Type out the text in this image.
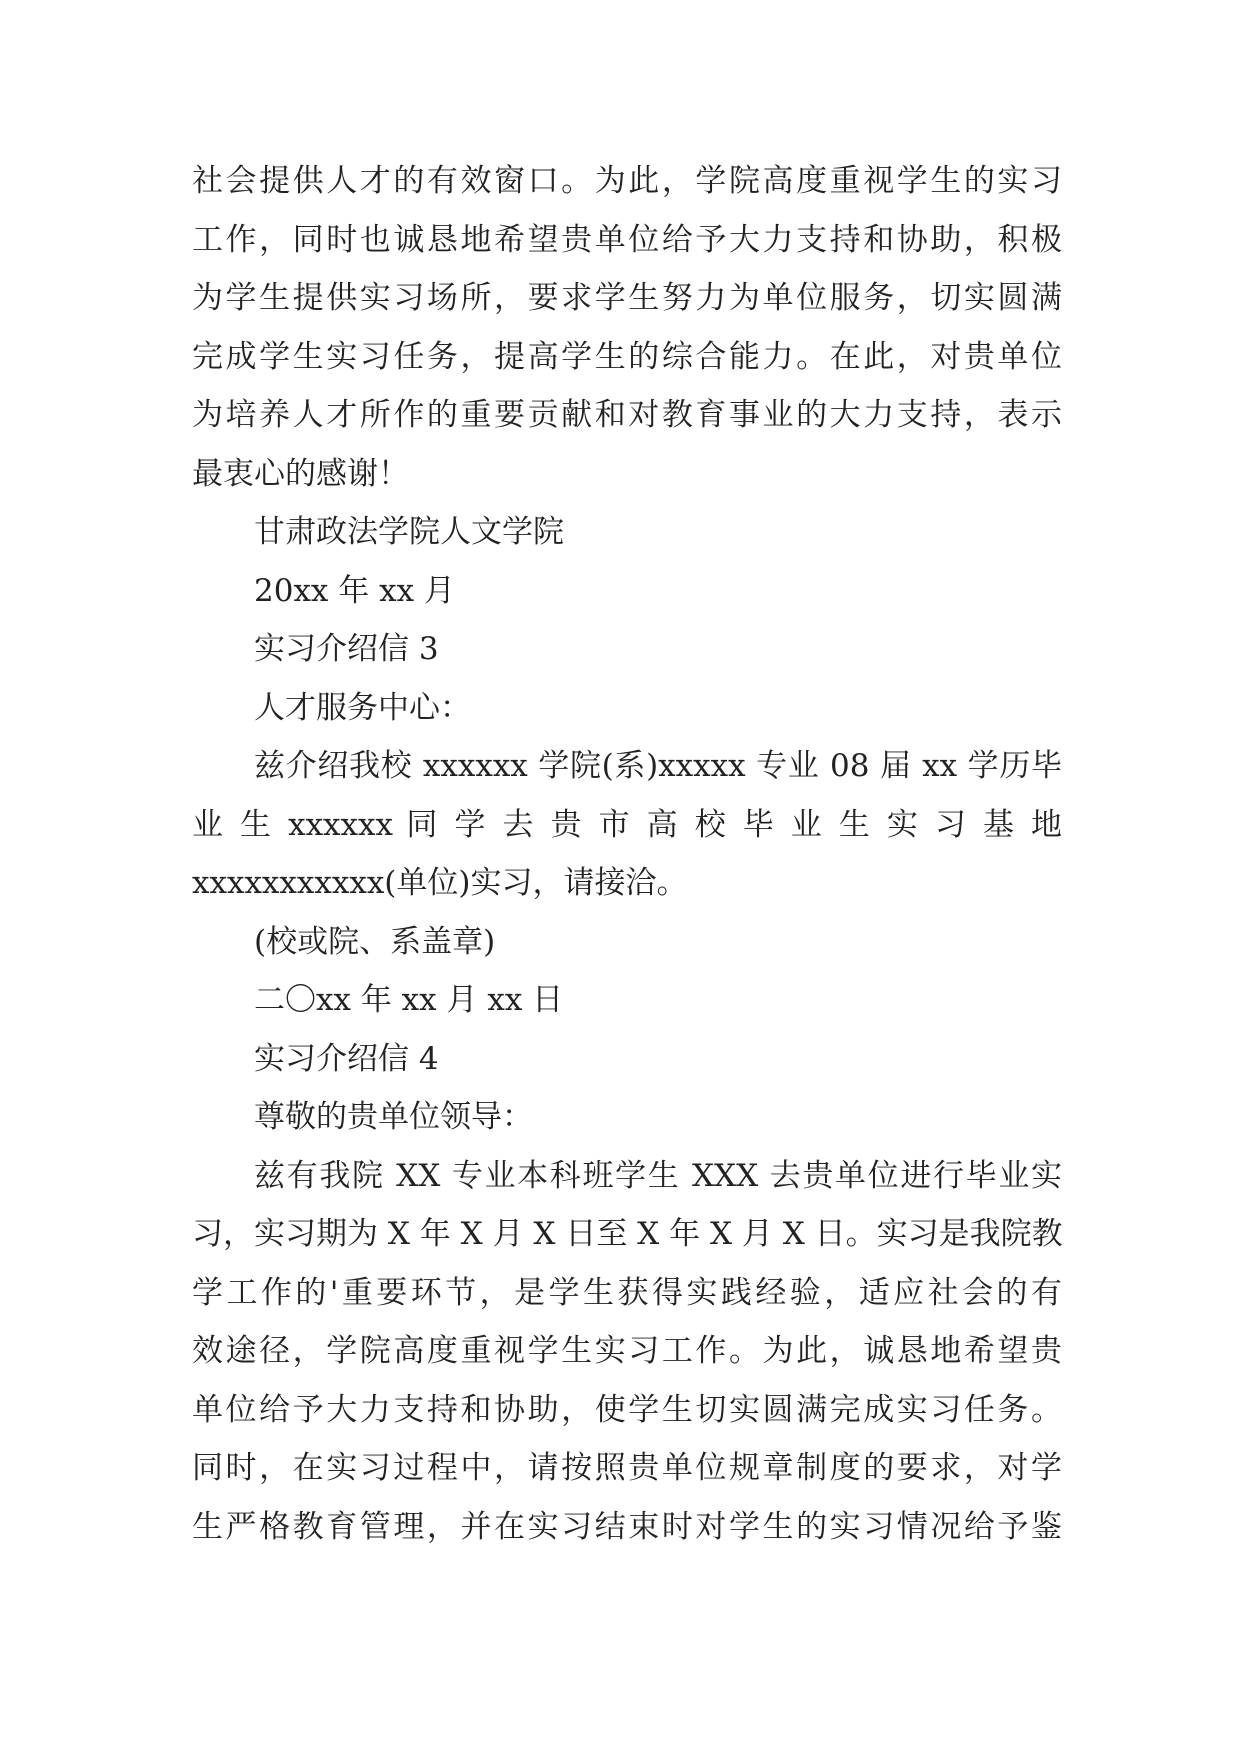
社会提供人才的有效窗口。为此，学院高度重视学生的实习

工作，同时也诚恳地希望贵单位给予大力支持和协助，积极

为学生提供实习场所，要求学生努力为单位服务，切实圆满

完成学生实习任务，提高学生的综合能力。在此，对贵单位

为培养人才所作的重要贡献和对教育事业的大力支持，表示

最衷心的感谢！

甘肃政法学院人文学院

20xx 年 xx 月

实习介绍信 3

人才服务中心：

兹介绍我校 xxxxxx 学院(系)xxxxx 专业 08 届 xx 学历毕

业 生 xxxxxx 同 学 去 贵 市 高 校 毕 业 生 实 习 基 地

xxxxxxxxxxx(单位)实习，请接洽。

(校或院、系盖章)

二〇xx 年 xx 月 xx 日

实习介绍信 4

尊敬的贵单位领导：

兹有我院 XX 专业本科班学生 XXX 去贵单位进行毕业实

习，实习期为 X 年 X 月 X 日至 X 年 X 月 X 日。实习是我院教

学工作的'重要环节，是学生获得实践经验，适应社会的有

效途径，学院高度重视学生实习工作。为此，诚恳地希望贵

单位给予大力支持和协助，使学生切实圆满完成实习任务。

同时，在实习过程中，请按照贵单位规章制度的要求，对学

生严格教育管理，并在实习结束时对学生的实习情况给予鉴
